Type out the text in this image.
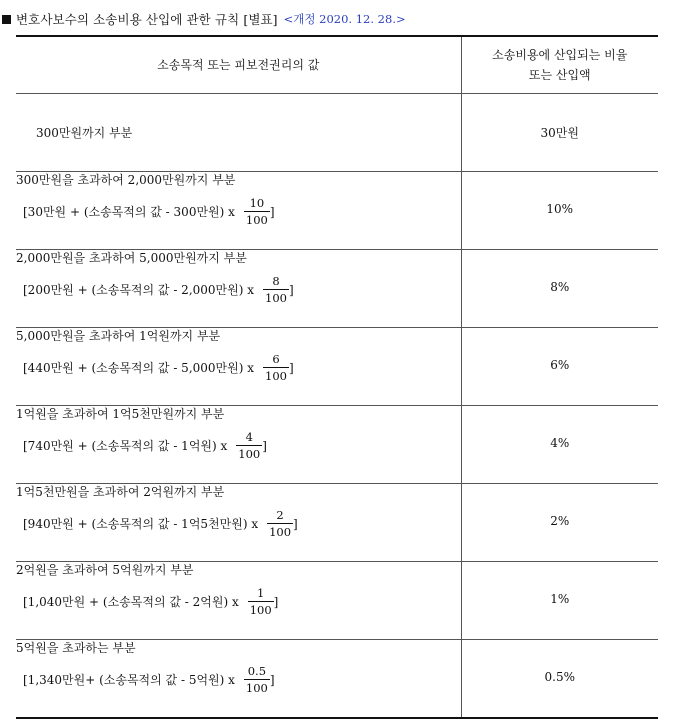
변호사보수의 소송비용 산입에 관한 규칙 [별표] <개정 2020. 12. 28.>
소송목적 또는 피보전권리의 값	소송비용에 산입되는 비율
또는 산입액

300만원까지 부분	30만원

300만원을 초과하여 2,000만원까지 부분
[30만원 + (소송목적의 값 - 300만원) x $\frac{10}{100}$ ]	10%

2,000만원을 초과하여 5,000만원까지 부분
[200만원 + (소송목적의 값 - 2,000만원) x $\frac{8}{100}$ ]	8%

5,000만원을 초과하여 1억원까지 부분
[440만원 + (소송목적의 값 - 5,000만원) x $\frac{6}{100}$ ]	6%

1억원을 초과하여 1억5천만원까지 부분
[740만원 + (소송목적의 값 - 1억원) x $\frac{4}{100}$ ]	4%

1억5천만원을 초과하여 2억원까지 부분
[940만원 + (소송목적의 값 - 1억5천만원) x $\frac{2}{100}$ ]	2%

2억원을 초과하여 5억원까지 부분
[1,040만원 + (소송목적의 값 - 2억원) x $\frac{1}{100}$ ]	1%

5억원을 초과하는 부분
[1,340만원+ (소송목적의 값 - 5억원) x $\frac{0.5}{100}$ ]	0.5%
